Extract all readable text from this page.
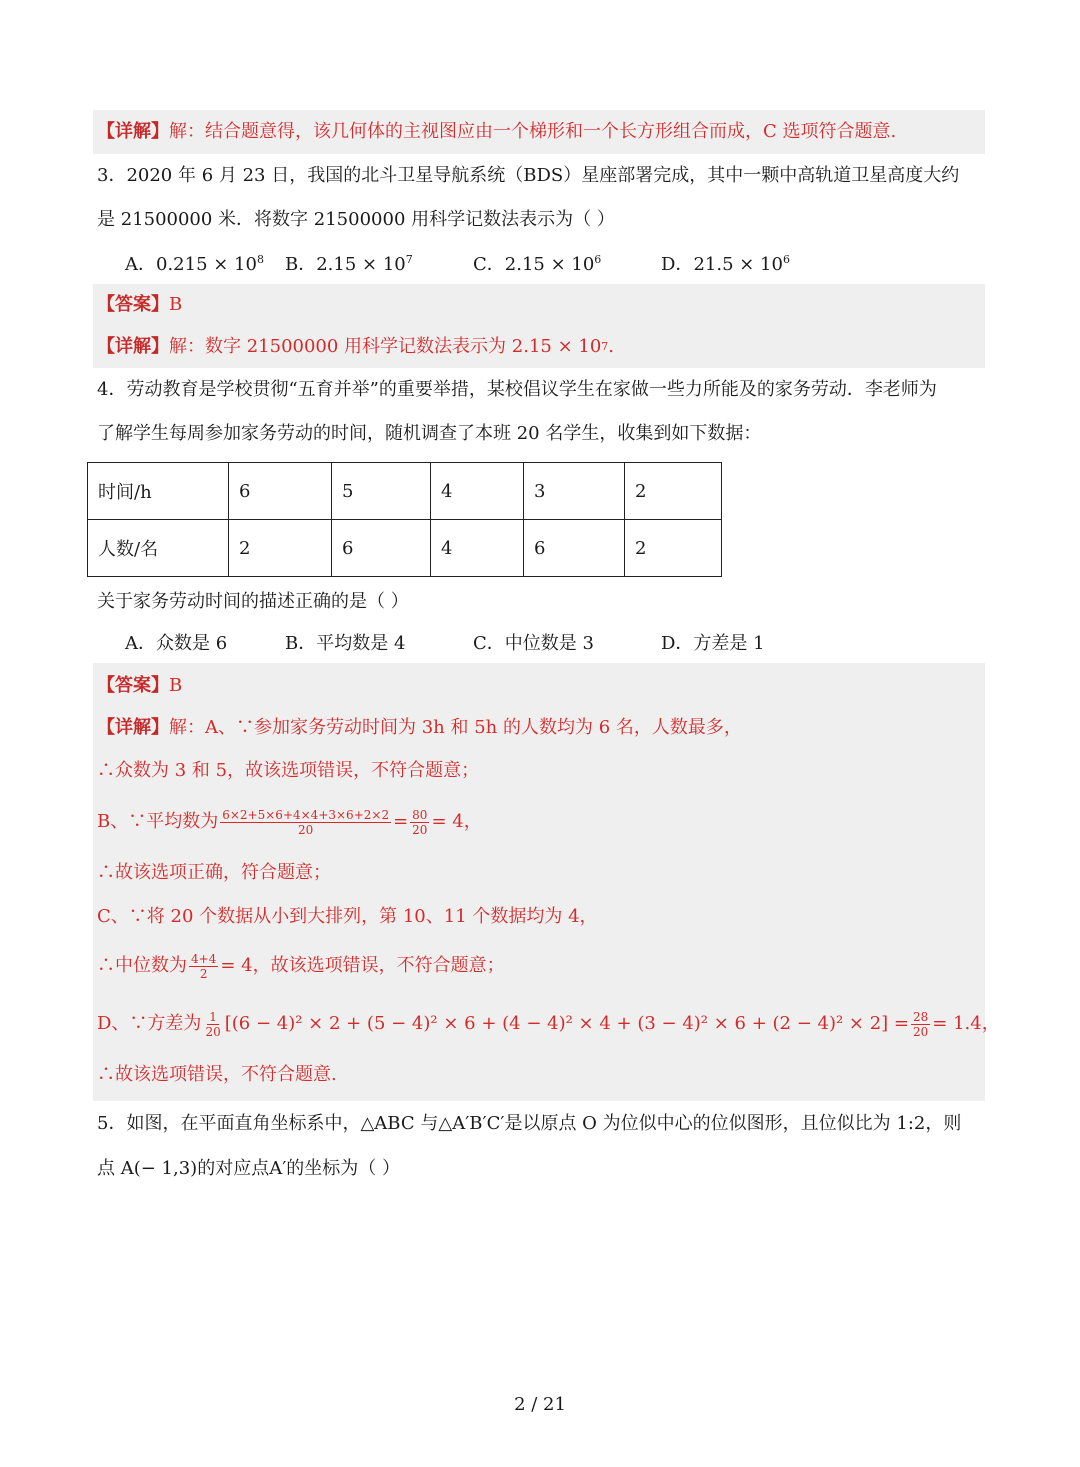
【详解】解：结合题意得，该几何体的主视图应由一个梯形和一个长方形组合而成，C 选项符合题意.
3．2020 年 6 月 23 日，我国的北斗卫星导航系统（BDS）星座部署完成，其中一颗中高轨道卫星高度大约
是 21500000 米．将数字 21500000 用科学记数法表示为（ ）
A．$0.215 \times 10^8$	B．$2.15 \times 10^7$	C．$2.15 \times 10^6$	D．$21.5 \times 10^6$
【答案】 B
【详解】 解：数字 21500000 用科学记数法表示为 2.15 × 10 7 .
4．劳动教育是学校贯彻“五育并举”的重要举措，某校倡议学生在家做一些力所能及的家务劳动．李老师为
了解学生每周参加家务劳动的时间，随机调查了本班 20 名学生，收集到如下数据：
时间/h	6	5	4	3	2
人数/名	2	6	4	6	2
关于家务劳动时间的描述正确的是（ ）
A．众数是 6	B．平均数是 4	C．中位数是 3	D．方差是 1
【答案】 B
【详解】 解：A、∵参加家务劳动时间为 3h 和 5h 的人数均为 6 名，人数最多，
∴众数为 3 和 5，故该选项错误，不符合题意；
B、∵平均数为 $\frac{6\times 2+5\times 6+4\times 4+3\times 6+2\times 2}{20} = \frac{80}{20} = 4$，
∴故该选项正确，符合题意；
C、∵将 20 个数据从小到大排列，第 10、11 个数据均为 4，
∴中位数为 $\frac{4+4}{2} = 4$，故该选项错误，不符合题意；
D、∵方差为 $\frac{1}{20} [(6 - 4)^2 \times 2 + (5 - 4)^2 \times 6 + (4 - 4)^2 \times 4 + (3 - 4)^2 \times 6 + (2 - 4)^2 \times 2] = \frac{28}{20} = 1.4$，
∴故该选项错误，不符合题意.
5．如图，在平面直角坐标系中，△ABC 与△A′B′C′是以原点 O 为位似中心的位似图形，且位似比为 1:2，则
点 A(− 1,3)的对应点A′的坐标为（ ）
2 / 21
